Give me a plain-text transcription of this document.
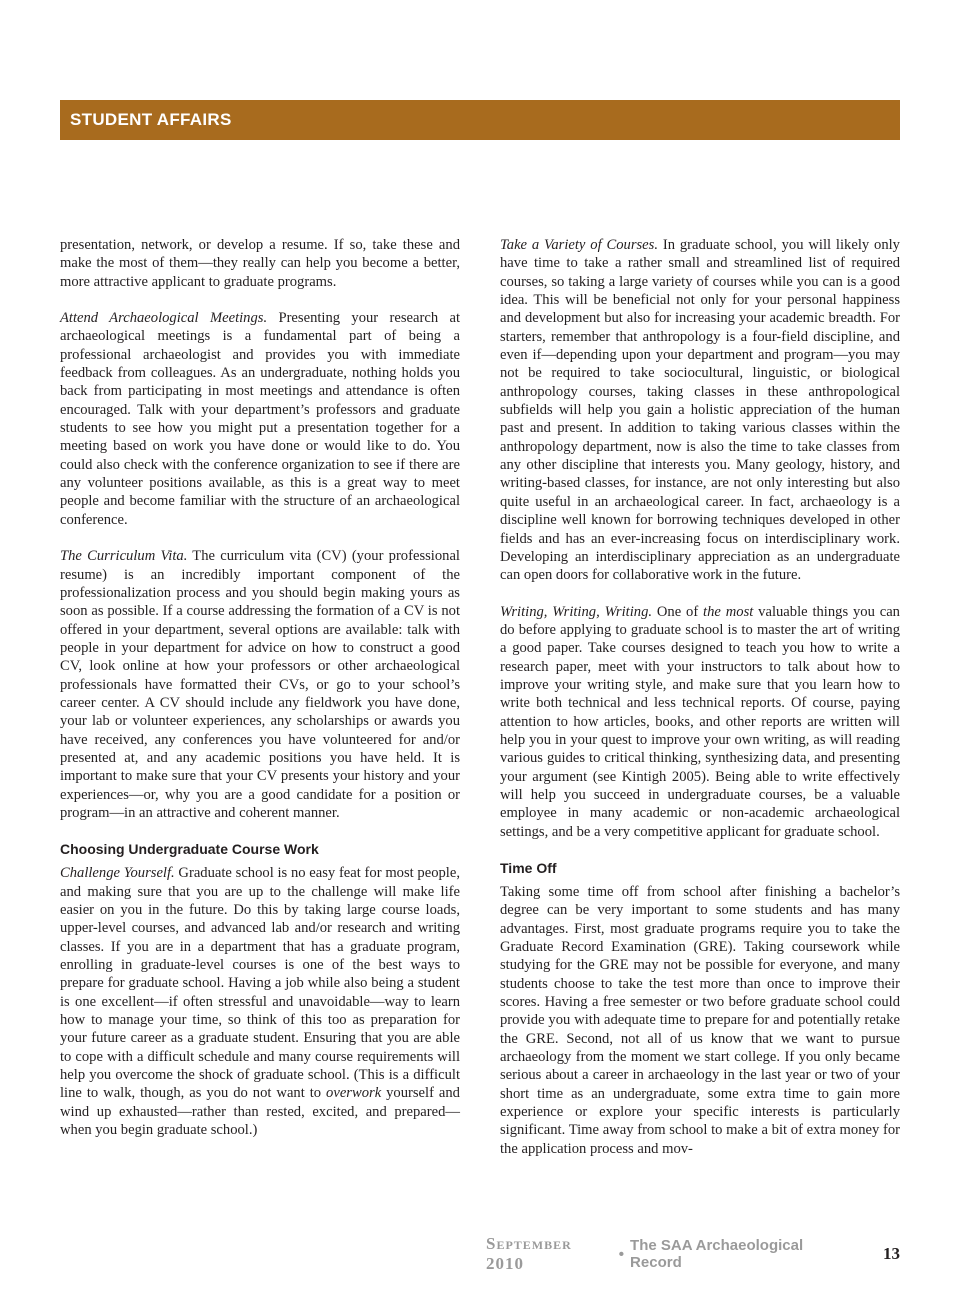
STUDENT AFFAIRS

presentation, network, or develop a resume. If so, take these and make the most of them—they really can help you become a better, more attractive applicant to graduate programs.

Attend Archaeological Meetings. Presenting your research at archaeological meetings is a fundamental part of being a professional archaeologist and provides you with immediate feedback from colleagues. As an undergraduate, nothing holds you back from participating in most meetings and attendance is often encouraged. Talk with your department’s professors and graduate students to see how you might put a presentation together for a meeting based on work you have done or would like to do. You could also check with the conference organization to see if there are any volunteer positions available, as this is a great way to meet people and become familiar with the structure of an archaeological conference.

The Curriculum Vita. The curriculum vita (CV) (your professional resume) is an incredibly important component of the professionalization process and you should begin making yours as soon as possible. If a course addressing the formation of a CV is not offered in your department, several options are available: talk with people in your department for advice on how to construct a good CV, look online at how your professors or other archaeological professionals have formatted their CVs, or go to your school’s career center. A CV should include any fieldwork you have done, your lab or volunteer experiences, any scholarships or awards you have received, any conferences you have volunteered for and/or presented at, and any academic positions you have held. It is important to make sure that your CV presents your history and your experiences—or, why you are a good candidate for a position or program—in an attractive and coherent manner.

Choosing Undergraduate Course Work

Challenge Yourself. Graduate school is no easy feat for most people, and making sure that you are up to the challenge will make life easier on you in the future. Do this by taking large course loads, upper-level courses, and advanced lab and/or research and writing classes. If you are in a department that has a graduate program, enrolling in graduate-level courses is one of the best ways to prepare for graduate school. Having a job while also being a student is one excellent—if often stressful and unavoidable—way to learn how to manage your time, so think of this too as preparation for your future career as a graduate student. Ensuring that you are able to cope with a difficult schedule and many course requirements will help you overcome the shock of graduate school. (This is a difficult line to walk, though, as you do not want to overwork yourself and wind up exhausted—rather than rested, excited, and prepared—when you begin graduate school.)

Take a Variety of Courses. In graduate school, you will likely only have time to take a rather small and streamlined list of required courses, so taking a large variety of courses while you can is a good idea. This will be beneficial not only for your personal happiness and development but also for increasing your academic breadth. For starters, remember that anthropology is a four-field discipline, and even if—depending upon your department and program—you may not be required to take sociocultural, linguistic, or biological anthropology courses, taking classes in these anthropological subfields will help you gain a holistic appreciation of the human past and present. In addition to taking various classes within the anthropology department, now is also the time to take classes from any other discipline that interests you. Many geology, history, and writing-based classes, for instance, are not only interesting but also quite useful in an archaeological career. In fact, archaeology is a discipline well known for borrowing techniques developed in other fields and has an ever-increasing focus on interdisciplinary work. Developing an interdisciplinary appreciation as an undergraduate can open doors for collaborative work in the future.

Writing, Writing, Writing. One of the most valuable things you can do before applying to graduate school is to master the art of writing a good paper. Take courses designed to teach you how to write a research paper, meet with your instructors to talk about how to improve your writing style, and make sure that you learn how to write both technical and less technical reports. Of course, paying attention to how articles, books, and other reports are written will help you in your quest to improve your own writing, as will reading various guides to critical thinking, synthesizing data, and presenting your argument (see Kintigh 2005). Being able to write effectively will help you succeed in undergraduate courses, be a valuable employee in many academic or non-academic archaeological settings, and be a very competitive applicant for graduate school.

Time Off

Taking some time off from school after finishing a bachelor’s degree can be very important to some students and has many advantages. First, most graduate programs require you to take the Graduate Record Examination (GRE). Taking coursework while studying for the GRE may not be possible for everyone, and many students choose to take the test more than once to improve their scores. Having a free semester or two before graduate school could provide you with adequate time to prepare for and potentially retake the GRE. Second, not all of us know that we want to pursue archaeology from the moment we start college. If you only became serious about a career in archaeology in the last year or two of your short time as an undergraduate, some extra time to gain more experience or explore your specific interests is particularly significant. Time away from school to make a bit of extra money for the application process and mov-

September 2010	• The SAA Archaeological Record	13
